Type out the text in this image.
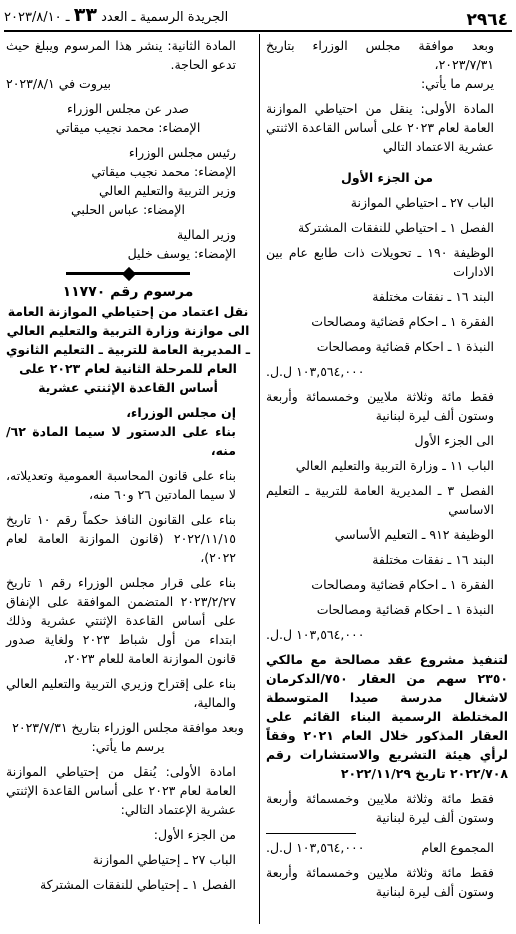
٢٩٦٤
الجريدة الرسمية ـ العدد ٣٣ ـ ٢٠٢٣/٨/١٠

وبعد موافقة مجلس الوزراء بتاريخ ٢٠٢٣/٧/٣١،

يرسم ما يأتي:

المادة الأولى: ينقل من احتياطي الموازنة العامة لعام ٢٠٢٣ على أساس القاعدة الاثنتي عشرية الاعتماد التالي

من الجزء الأول

الباب ٢٧ ـ احتياطي الموازنة

الفصل ١ ـ احتياطي للنفقات المشتركة

الوظيفة ١٩٠ ـ تحويلات ذات طابع عام بين الادارات

البند ١٦ ـ نفقات مختلفة

الفقرة ١ ـ احكام قضائية ومصالحات

النبذة ١ ـ احكام قضائية ومصالحات

١٠٣,٥٦٤,٠٠٠ ل.ل.

فقط مائة وثلاثة ملايين وخمسمائة وأربعة وستون ألف ليرة لبنانية

الى الجزء الأول

الباب ١١ ـ وزارة التربية والتعليم العالي

الفصل ٣ ـ المديرية العامة للتربية ـ التعليم الاساسي

الوظيفة ٩١٢ ـ التعليم الأساسي

البند ١٦ ـ نفقات مختلفة

الفقرة ١ ـ احكام قضائية ومصالحات

النبذة ١ ـ احكام قضائية ومصالحات

١٠٣,٥٦٤,٠٠٠ ل.ل.

لتنفيذ مشروع عقد مصالحة مع مالكي ٢٣٥٠ سهم من العقار ٧٥٠/الدكرمان لاشغال مدرسة صيدا المتوسطة المختلطة الرسمية البناء القائم على العقار المذكور خلال العام ٢٠٢١ وفقاً لرأي هيئة التشريع والاستشارات رقم ٢٠٢٢/٧٠٨ تاريخ ٢٠٢٢/١١/٢٩

فقط مائة وثلاثة ملايين وخمسمائة وأربعة وستون ألف ليرة لبنانية

المجموع العام
١٠٣,٥٦٤,٠٠٠ ل.ل.

فقط مائة وثلاثة ملايين وخمسمائة وأربعة وستون ألف ليرة لبنانية

المادة الثانية: ينشر هذا المرسوم ويبلغ حيث تدعو الحاجة.

بيروت في ٢٠٢٣/٨/١

صدر عن مجلس الوزراء

الإمضاء: محمد نجيب ميقاتي

رئيس مجلس الوزراء

الإمضاء: محمد نجيب ميقاتي

وزير التربية والتعليم العالي

الإمضاء: عباس الحلبي

وزير المالية

الإمضاء: يوسف خليل

مرسوم رقم ١١٧٧٠

نقل اعتماد من إحتياطي الموازنة العامة الى موازنة وزارة التربية والتعليم العالي ـ المديرية العامة للتربية ـ التعليم الثانوي العام للمرحلة الثانية لعام ٢٠٢٣ على أساس القاعدة الإثنتي عشرية

إن مجلس الوزراء،

بناء على الدستور لا سيما المادة ٦٢/ منه،

بناء على قانون المحاسبة العمومية وتعديلاته، لا سيما المادتين ٢٦ و٦٠ منه،

بناء على القانون النافذ حكماً رقم ١٠ تاريخ ٢٠٢٢/١١/١٥ (قانون الموازنة العامة لعام ٢٠٢٢)،

بناء على قرار مجلس الوزراء رقم ١ تاريخ ٢٠٢٣/٢/٢٧ المتضمن الموافقة على الإنفاق على أساس القاعدة الإثنتي عشرية وذلك ابتداء من أول شباط ٢٠٢٣ ولغاية صدور قانون الموازنة العامة للعام ٢٠٢٣،

بناء على إقتراح وزيري التربية والتعليم العالي والمالية،

وبعد موافقة مجلس الوزراء بتاريخ ٢٠٢٣/٧/٣١

يرسم ما يأتي:

امادة الأولى: يُنقل من إحتياطي الموازنة العامة لعام ٢٠٢٣ على أساس القاعدة الإثنتي عشرية الإعتماد التالي:

من الجزء الأول:

الباب ٢٧ ـ إحتياطي الموازنة

الفصل ١ ـ إحتياطي للنفقات المشتركة
